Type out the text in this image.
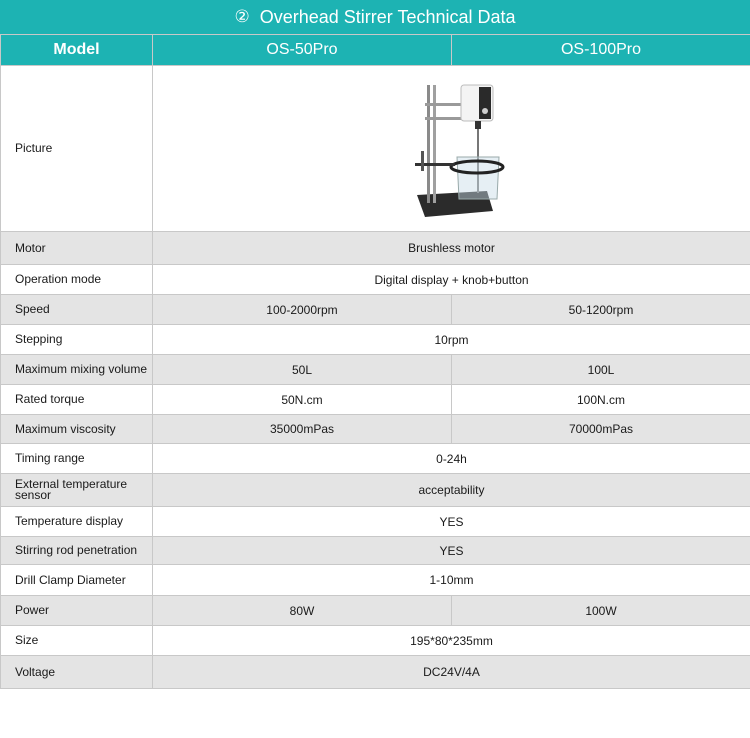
② Overhead Stirrer Technical Data
Model	OS-50Pro	OS-100Pro
Picture	
Motor	Brushless motor	
Operation mode	Digital display + knob+button	
Speed	100-2000rpm	50-1200rpm
Stepping	10rpm	
Maximum mixing volume	50L	100L
Rated torque	50N.cm	100N.cm
Maximum viscosity	35000mPas	70000mPas
Timing range	0-24h	
External temperature sensor	acceptability	
Temperature display	YES	
Stirring rod penetration	YES	
Drill Clamp Diameter	1-10mm	
Power	80W	100W
Size	195*80*235mm	
Voltage	DC24V/4A	
